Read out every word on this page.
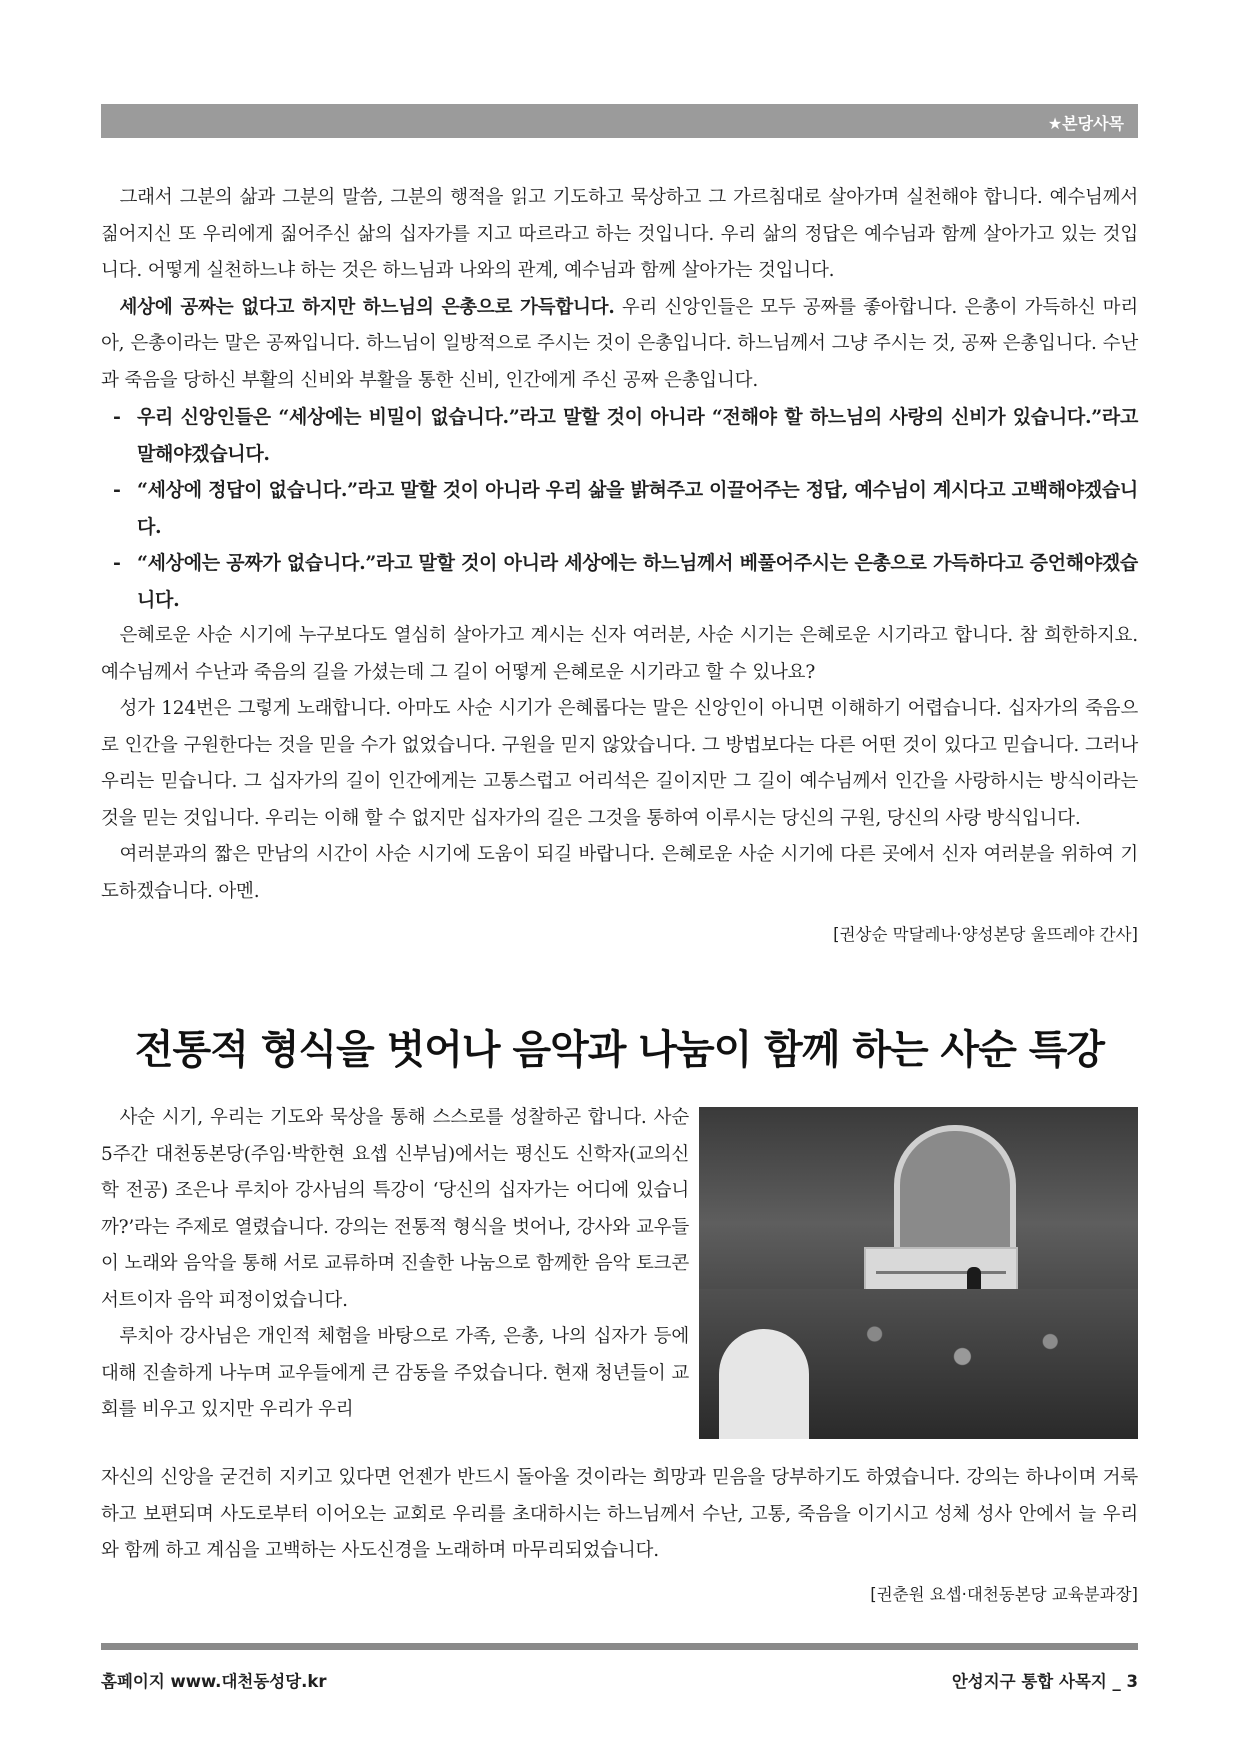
★본당사목

그래서 그분의 삶과 그분의 말씀, 그분의 행적을 읽고 기도하고 묵상하고 그 가르침대로 살아가며 실천해야 합니다. 예수님께서 짊어지신 또 우리에게 짊어주신 삶의 십자가를 지고 따르라고 하는 것입니다. 우리 삶의 정답은 예수님과 함께 살아가고 있는 것입니다. 어떻게 실천하느냐 하는 것은 하느님과 나와의 관계, 예수님과 함께 살아가는 것입니다.

세상에 공짜는 없다고 하지만 하느님의 은총으로 가득합니다. 우리 신앙인들은 모두 공짜를 좋아합니다. 은총이 가득하신 마리아, 은총이라는 말은 공짜입니다. 하느님이 일방적으로 주시는 것이 은총입니다. 하느님께서 그냥 주시는 것, 공짜 은총입니다. 수난과 죽음을 당하신 부활의 신비와 부활을 통한 신비, 인간에게 주신 공짜 은총입니다.

- 우리 신앙인들은 “세상에는 비밀이 없습니다.”라고 말할 것이 아니라 “전해야 할 하느님의 사랑의 신비가 있습니다.”라고 말해야겠습니다.
- “세상에 정답이 없습니다.”라고 말할 것이 아니라 우리 삶을 밝혀주고 이끌어주는 정답, 예수님이 계시다고 고백해야겠습니다.
- “세상에는 공짜가 없습니다.”라고 말할 것이 아니라 세상에는 하느님께서 베풀어주시는 은총으로 가득하다고 증언해야겠습니다.

은혜로운 사순 시기에 누구보다도 열심히 살아가고 계시는 신자 여러분, 사순 시기는 은혜로운 시기라고 합니다. 참 희한하지요. 예수님께서 수난과 죽음의 길을 가셨는데 그 길이 어떻게 은혜로운 시기라고 할 수 있나요?

성가 124번은 그렇게 노래합니다. 아마도 사순 시기가 은혜롭다는 말은 신앙인이 아니면 이해하기 어렵습니다. 십자가의 죽음으로 인간을 구원한다는 것을 믿을 수가 없었습니다. 구원을 믿지 않았습니다. 그 방법보다는 다른 어떤 것이 있다고 믿습니다. 그러나 우리는 믿습니다. 그 십자가의 길이 인간에게는 고통스럽고 어리석은 길이지만 그 길이 예수님께서 인간을 사랑하시는 방식이라는 것을 믿는 것입니다. 우리는 이해 할 수 없지만 십자가의 길은 그것을 통하여 이루시는 당신의 구원, 당신의 사랑 방식입니다.

여러분과의 짧은 만남의 시간이 사순 시기에 도움이 되길 바랍니다. 은혜로운 사순 시기에 다른 곳에서 신자 여러분을 위하여 기도하겠습니다. 아멘.

[권상순 막달레나·양성본당 울뜨레야 간사]
전통적 형식을 벗어나 음악과 나눔이 함께 하는 사순 특강

사순 시기, 우리는 기도와 묵상을 통해 스스로를 성찰하곤 합니다. 사순 5주간 대천동본당(주임·박한현 요셉 신부님)에서는 평신도 신학자(교의신학 전공) 조은나 루치아 강사님의 특강이 ‘당신의 십자가는 어디에 있습니까?’라는 주제로 열렸습니다. 강의는 전통적 형식을 벗어나, 강사와 교우들이 노래와 음악을 통해 서로 교류하며 진솔한 나눔으로 함께한 음악 토크콘서트이자 음악 피정이었습니다.

루치아 강사님은 개인적 체험을 바탕으로 가족, 은총, 나의 십자가 등에 대해 진솔하게 나누며 교우들에게 큰 감동을 주었습니다. 현재 청년들이 교회를 비우고 있지만 우리가 우리

자신의 신앙을 굳건히 지키고 있다면 언젠가 반드시 돌아올 것이라는 희망과 믿음을 당부하기도 하였습니다. 강의는 하나이며 거룩하고 보편되며 사도로부터 이어오는 교회로 우리를 초대하시는 하느님께서 수난, 고통, 죽음을 이기시고 성체 성사 안에서 늘 우리와 함께 하고 계심을 고백하는 사도신경을 노래하며 마무리되었습니다.

[권춘원 요셉·대천동본당 교육분과장]
홈페이지 www.대천동성당.kr	안성지구 통합 사목지 _ 3
